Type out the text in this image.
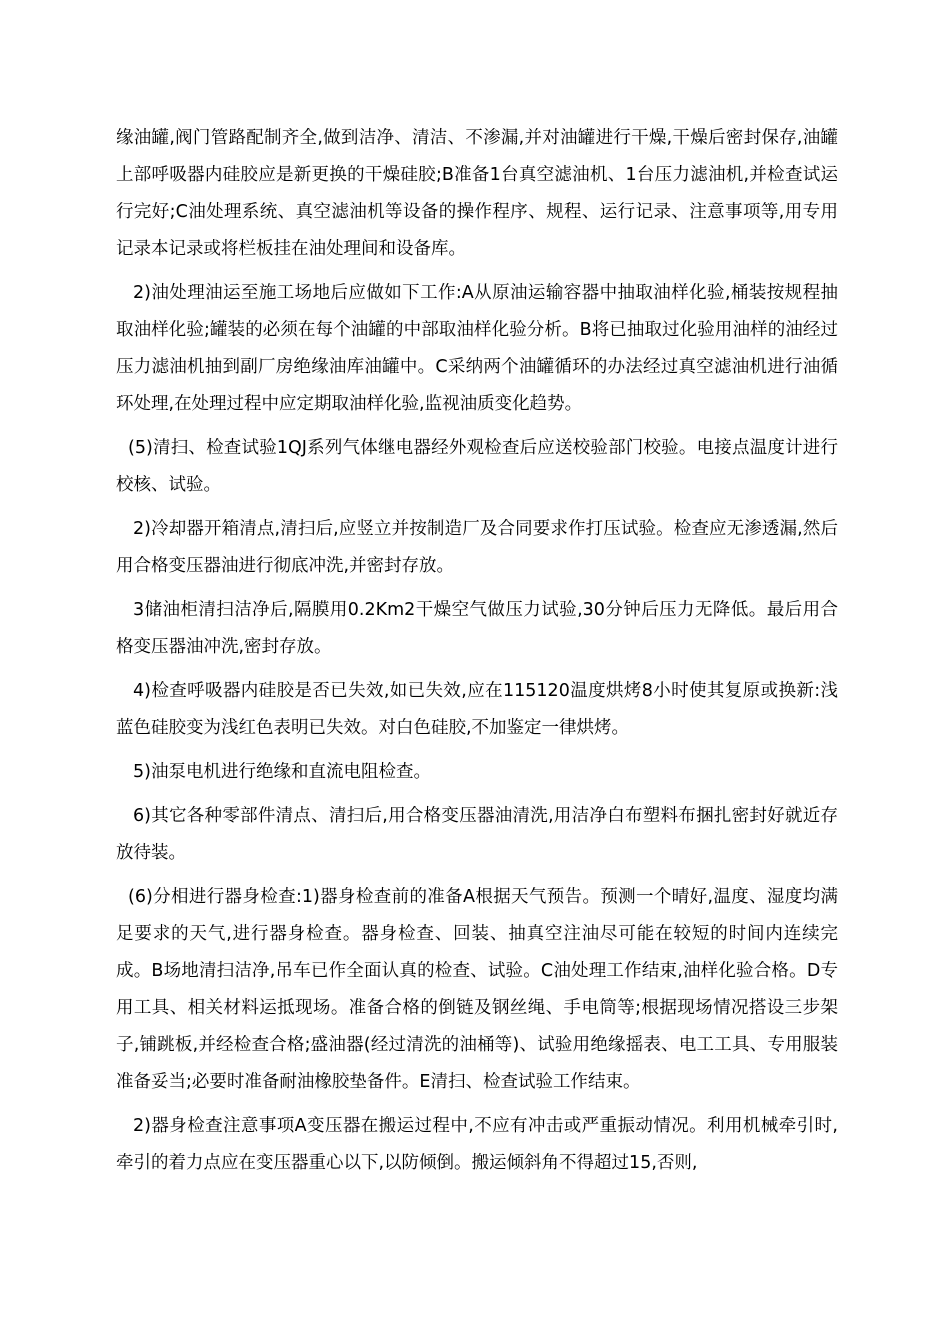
缘油罐,阀门管路配制齐全,做到洁净、清洁、不渗漏,并对油罐进行干燥,干燥后密封保存,油罐上部呼吸器内硅胶应是新更换的干燥硅胶;B准备1台真空滤油机、1台压力滤油机,并检查试运行完好;C油处理系统、真空滤油机等设备的操作程序、规程、运行记录、注意事项等,用专用记录本记录或将栏板挂在油处理间和设备库。

2)油处理油运至施工场地后应做如下工作:A从原油运输容器中抽取油样化验,桶装按规程抽取油样化验;罐装的必须在每个油罐的中部取油样化验分析。B将已抽取过化验用油样的油经过压力滤油机抽到副厂房绝缘油库油罐中。C采纳两个油罐循环的办法经过真空滤油机进行油循环处理,在处理过程中应定期取油样化验,监视油质变化趋势。

(5)清扫、检查试验1QJ系列气体继电器经外观检查后应送校验部门校验。电接点温度计进行校核、试验。

2)冷却器开箱清点,清扫后,应竖立并按制造厂及合同要求作打压试验。检查应无渗透漏,然后用合格变压器油进行彻底冲洗,并密封存放。

3储油柜清扫洁净后,隔膜用0.2Km2干燥空气做压力试验,30分钟后压力无降低。最后用合格变压器油冲洗,密封存放。

4)检查呼吸器内硅胶是否已失效,如已失效,应在115120温度烘烤8小时使其复原或换新:浅蓝色硅胶变为浅红色表明已失效。对白色硅胶,不加鉴定一律烘烤。

5)油泵电机进行绝缘和直流电阻检查。

6)其它各种零部件清点、清扫后,用合格变压器油清洗,用洁净白布塑料布捆扎密封好就近存放待装。

(6)分相进行器身检查:1)器身检查前的准备A根据天气预告。预测一个晴好,温度、湿度均满足要求的天气,进行器身检查。器身检查、回装、抽真空注油尽可能在较短的时间内连续完成。B场地清扫洁净,吊车已作全面认真的检查、试验。C油处理工作结束,油样化验合格。D专用工具、相关材料运抵现场。准备合格的倒链及钢丝绳、手电筒等;根据现场情况搭设三步架子,铺跳板,并经检查合格;盛油器(经过清洗的油桶等)、试验用绝缘摇表、电工工具、专用服装准备妥当;必要时准备耐油橡胶垫备件。E清扫、检查试验工作结束。

2)器身检查注意事项A变压器在搬运过程中,不应有冲击或严重振动情况。利用机械牵引时,牵引的着力点应在变压器重心以下,以防倾倒。搬运倾斜角不得超过15,否则,
